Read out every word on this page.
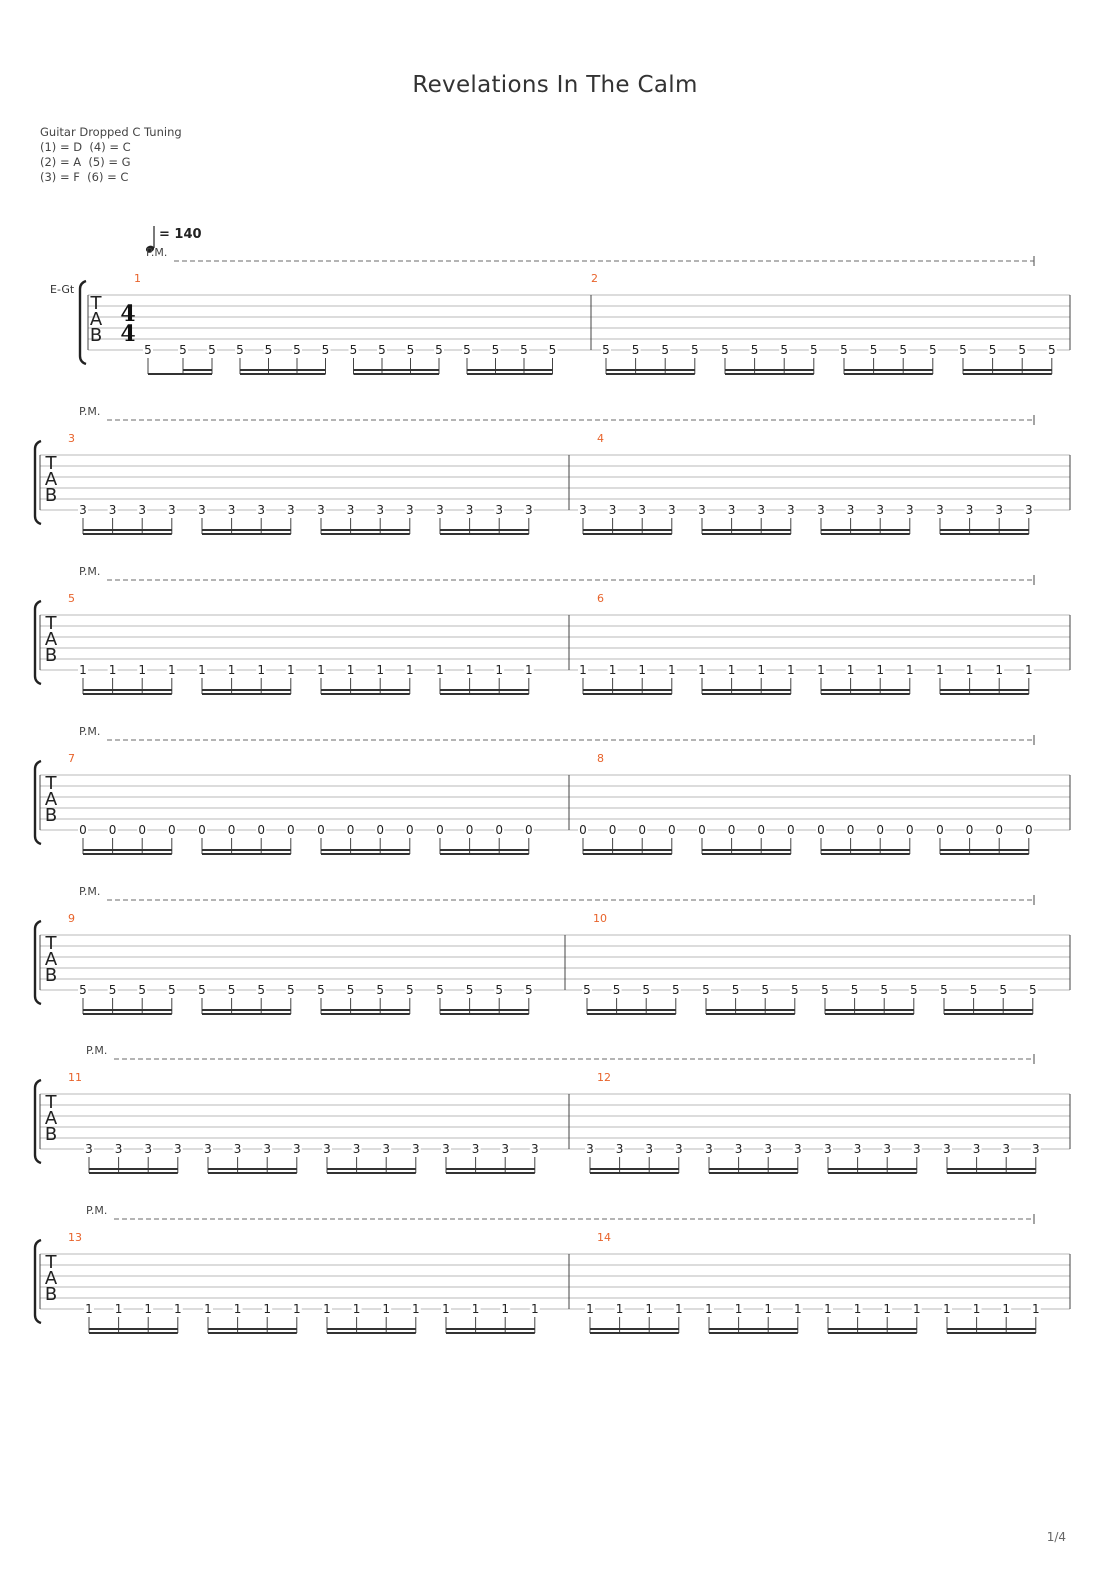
Revelations In The Calm
Guitar Dropped C Tuning
(1) = D  (4) = C
(2) = A  (5) = G
(3) = F  (6) = C
T
A
B
E-Gt
4
4
= 140
P.M.
1
5 5 5 5 5 5 5 5 5 5 5 5 5 5 5
2
5 5 5 5 5 5 5 5 5 5 5 5 5 5 5 5
T
A
B
P.M.
3
3 3 3 3 3 3 3 3 3 3 3 3 3 3 3 3
4
3 3 3 3 3 3 3 3 3 3 3 3 3 3 3 3
T
A
B
P.M.
5
1 1 1 1 1 1 1 1 1 1 1 1 1 1 1 1
6
1 1 1 1 1 1 1 1 1 1 1 1 1 1 1 1
T
A
B
P.M.
7
0 0 0 0 0 0 0 0 0 0 0 0 0 0 0 0
8
0 0 0 0 0 0 0 0 0 0 0 0 0 0 0 0
T
A
B
P.M.
9
5 5 5 5 5 5 5 5 5 5 5 5 5 5 5 5
10
5 5 5 5 5 5 5 5 5 5 5 5 5 5 5 5
T
A
B
P.M.
11
3 3 3 3 3 3 3 3 3 3 3 3 3 3 3 3
12
3 3 3 3 3 3 3 3 3 3 3 3 3 3 3 3
T
A
B
P.M.
13
1 1 1 1 1 1 1 1 1 1 1 1 1 1 1 1
14
1 1 1 1 1 1 1 1 1 1 1 1 1 1 1 1
1/4
